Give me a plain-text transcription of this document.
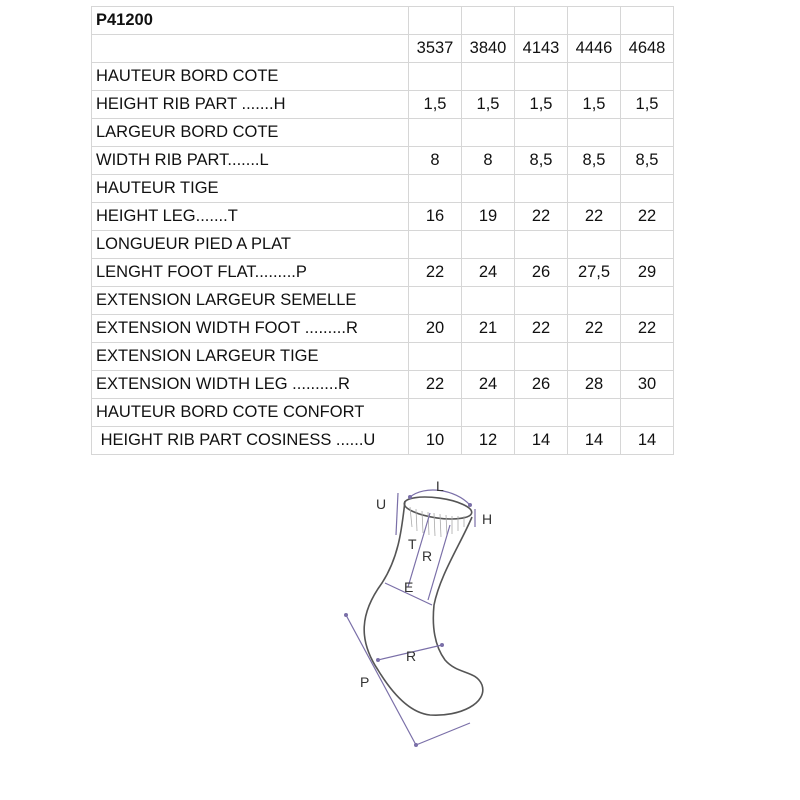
P41200					
	3537	3840	4143	4446	4648
HAUTEUR BORD COTE					
HEIGHT RIB PART .......H	1,5	1,5	1,5	1,5	1,5
LARGEUR BORD COTE					
WIDTH RIB PART.......L	8	8	8,5	8,5	8,5
HAUTEUR TIGE					
HEIGHT LEG.......T	16	19	22	22	22
LONGUEUR PIED A PLAT					
LENGHT FOOT FLAT.........P	22	24	26	27,5	29
EXTENSION LARGEUR SEMELLE					
EXTENSION WIDTH FOOT .........R	20	21	22	22	22
EXTENSION LARGEUR TIGE					
EXTENSION WIDTH LEG ..........R	22	24	26	28	30
HAUTEUR BORD COTE CONFORT					
HEIGHT RIB PART COSINESS ......U	10	12	14	14	14
U
L
H
T
R
E
R
P
